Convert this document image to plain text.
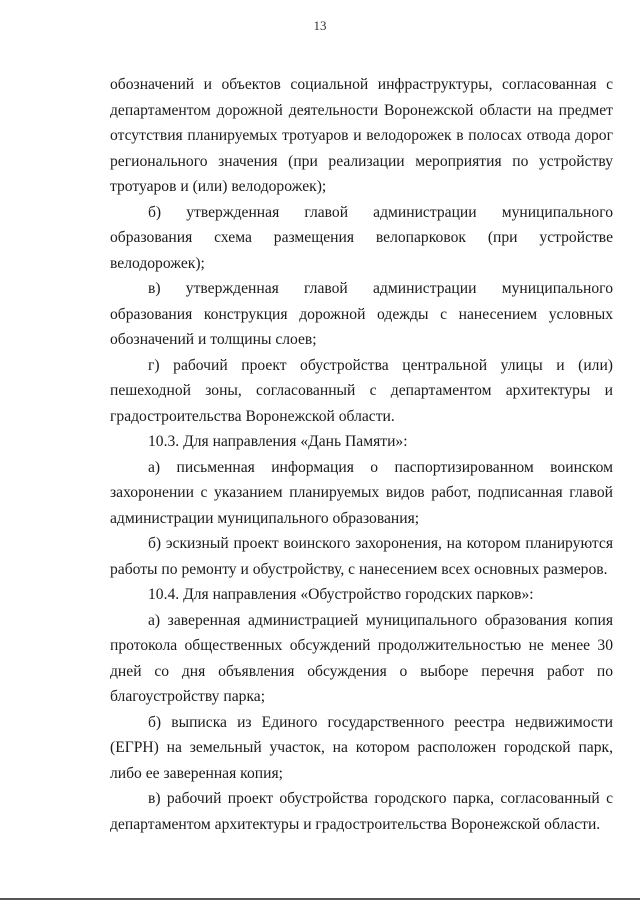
13

обозначений и объектов социальной инфраструктуры, согласованная с департаментом дорожной деятельности Воронежской области на предмет отсутствия планируемых тротуаров и велодорожек в полосах отвода дорог регионального значения (при реализации мероприятия по устройству тротуаров и (или) велодорожек);

б) утвержденная главой администрации муниципального образования схема размещения велопарковок (при устройстве велодорожек);

в) утвержденная главой администрации муниципального образования конструкция дорожной одежды с нанесением условных обозначений и толщины слоев;

г) рабочий проект обустройства центральной улицы и (или) пешеходной зоны, согласованный с департаментом архитектуры и градостроительства Воронежской области.

10.3. Для направления «Дань Памяти»:

а) письменная информация о паспортизированном воинском захоронении с указанием планируемых видов работ, подписанная главой администрации муниципального образования;

б) эскизный проект воинского захоронения, на котором планируются работы по ремонту и обустройству, с нанесением всех основных размеров.

10.4. Для направления «Обустройство городских парков»:

а) заверенная администрацией муниципального образования копия протокола общественных обсуждений продолжительностью не менее 30 дней со дня объявления обсуждения о выборе перечня работ по благоустройству парка;

б) выписка из Единого государственного реестра недвижимости (ЕГРН) на земельный участок, на котором расположен городской парк, либо ее заверенная копия;

в) рабочий проект обустройства городского парка, согласованный с департаментом архитектуры и градостроительства Воронежской области.
